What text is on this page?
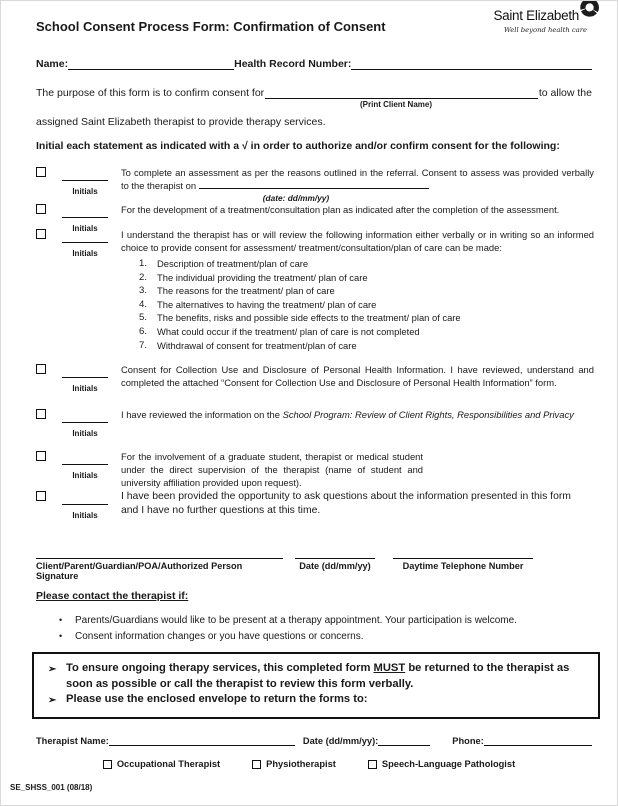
School Consent Process Form: Confirmation of Consent
Saint Elizabeth
Well beyond health care
Name:	Health Record Number:
The purpose of this form is to confirm consent for	to allow the
(Print Client Name)
assigned Saint Elizabeth therapist to provide therapy services.
Initial each statement as indicated with a √ in order to authorize and/or confirm consent for the following:
Initials
To complete an assessment as per the reasons outlined in the referral. Consent to assess was provided verbally to the therapist on
(date: dd/mm/yy)
Initials
For the development of a treatment/consultation plan as indicated after the completion of the assessment.
Initials
I understand the therapist has or will review the following information either verbally or in writing so an informed choice to provide consent for assessment/ treatment/consultation/plan of care can be made:
1.	Description of treatment/plan of care
2.	The individual providing the treatment/ plan of care
3.	The reasons for the treatment/ plan of care
4.	The alternatives to having the treatment/ plan of care
5.	The benefits, risks and possible side effects to the treatment/ plan of care
6.	What could occur if the treatment/ plan of care is not completed
7.	Withdrawal of consent for treatment/plan of care
Initials
Consent for Collection Use and Disclosure of Personal Health Information. I have reviewed, understand and completed the attached “Consent for Collection Use and Disclosure of Personal Health Information” form.
Initials
I have reviewed the information on the School Program: Review of Client Rights, Responsibilities and Privacy
Initials
For the involvement of a graduate student, therapist or medical student under the direct supervision of the therapist (name of student and university affiliation provided upon request).
Initials
I have been provided the opportunity to ask questions about the information presented in this form and I have no further questions at this time.
Client/Parent/Guardian/POA/Authorized Person Signature
Date (dd/mm/yy)	Daytime Telephone Number
Please contact the therapist if:
•	Parents/Guardians would like to be present at a therapy appointment. Your participation is welcome.
•	Consent information changes or you have questions or concerns.
➢ To ensure ongoing therapy services, this completed form MUST be returned to the therapist as soon as possible or call the therapist to review this form verbally.
➢ Please use the enclosed envelope to return the forms to:
Therapist Name:	Date (dd/mm/yy):	Phone:
Occupational Therapist	Physiotherapist	Speech-Language Pathologist
SE_SHSS_001 (08/18)
